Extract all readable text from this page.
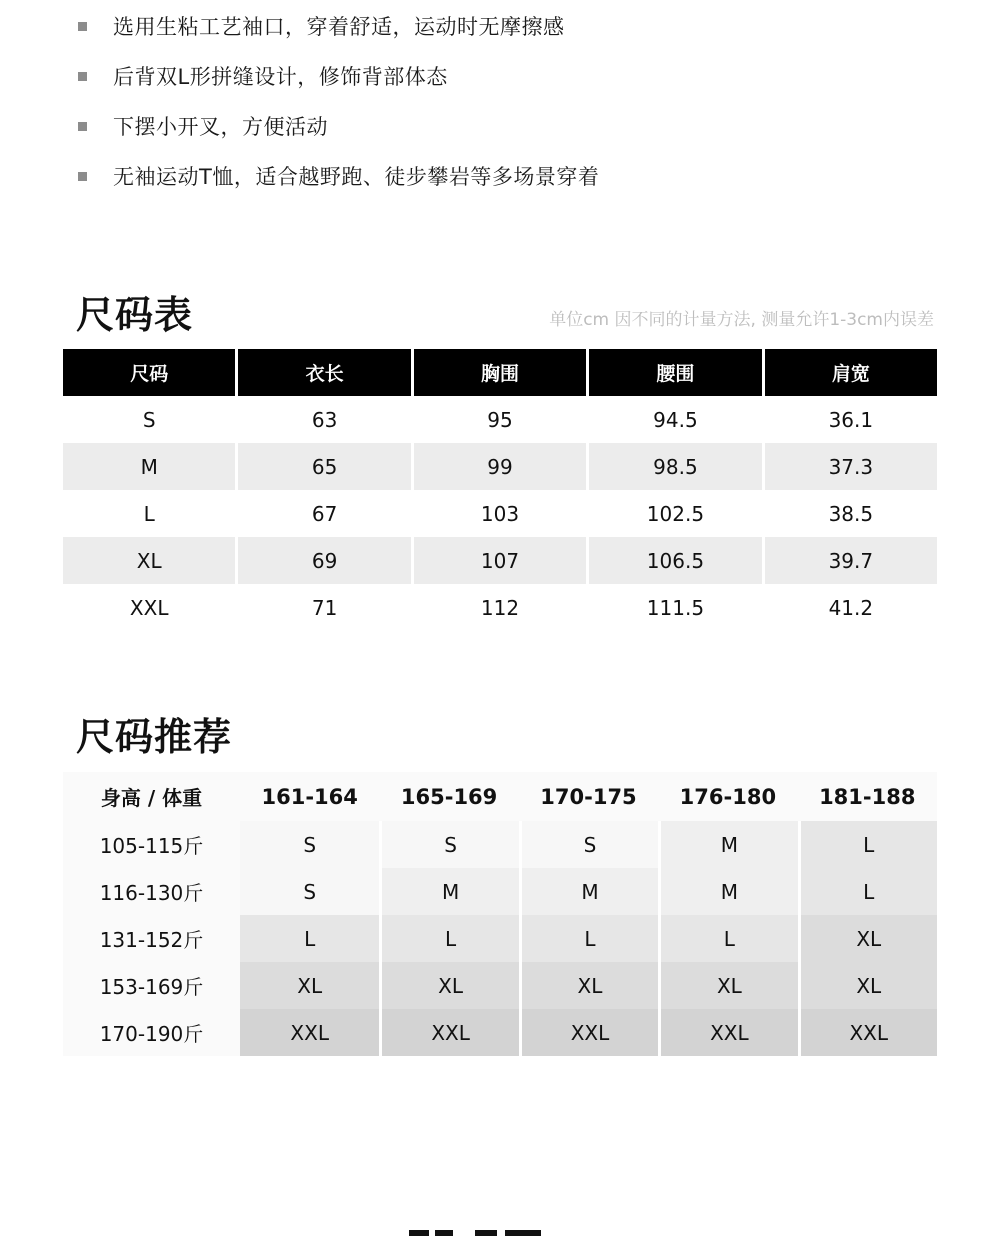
选用生粘工艺袖口，穿着舒适，运动时无摩擦感
后背双L形拼缝设计，修饰背部体态
下摆小开叉，方便活动
无袖运动T恤，适合越野跑、徒步攀岩等多场景穿着
尺码表	单位cm 因不同的计量方法, 测量允许1-3cm内误差
尺码	衣长	胸围	腰围	肩宽
S	63	95	94.5	36.1
M	65	99	98.5	37.3
L	67	103	102.5	38.5
XL	69	107	106.5	39.7
XXL	71	112	111.5	41.2
尺码推荐
身高 / 体重	161-164	165-169	170-175	176-180	181-188
105-115斤	S	S	S	M	L
116-130斤	S	M	M	M	L
131-152斤	L	L	L	L	XL
153-169斤	XL	XL	XL	XL	XL
170-190斤	XXL	XXL	XXL	XXL	XXL
